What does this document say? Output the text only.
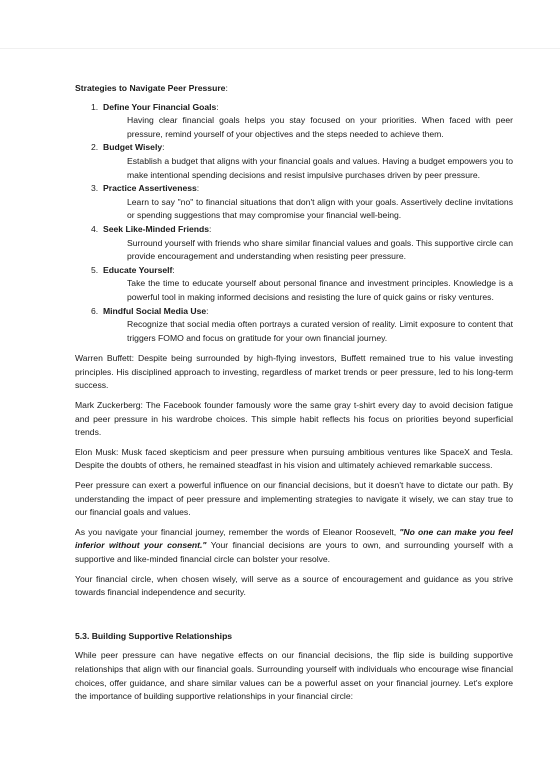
Strategies to Navigate Peer Pressure:
1. Define Your Financial Goals:
Having clear financial goals helps you stay focused on your priorities. When faced with peer pressure, remind yourself of your objectives and the steps needed to achieve them.
2. Budget Wisely:
Establish a budget that aligns with your financial goals and values. Having a budget empowers you to make intentional spending decisions and resist impulsive purchases driven by peer pressure.
3. Practice Assertiveness:
Learn to say "no" to financial situations that don't align with your goals. Assertively decline invitations or spending suggestions that may compromise your financial well-being.
4. Seek Like-Minded Friends:
Surround yourself with friends who share similar financial values and goals. This supportive circle can provide encouragement and understanding when resisting peer pressure.
5. Educate Yourself:
Take the time to educate yourself about personal finance and investment principles. Knowledge is a powerful tool in making informed decisions and resisting the lure of quick gains or risky ventures.
6. Mindful Social Media Use:
Recognize that social media often portrays a curated version of reality. Limit exposure to content that triggers FOMO and focus on gratitude for your own financial journey.

Warren Buffett: Despite being surrounded by high-flying investors, Buffett remained true to his value investing principles. His disciplined approach to investing, regardless of market trends or peer pressure, led to his long-term success.

Mark Zuckerberg: The Facebook founder famously wore the same gray t-shirt every day to avoid decision fatigue and peer pressure in his wardrobe choices. This simple habit reflects his focus on priorities beyond superficial trends.

Elon Musk: Musk faced skepticism and peer pressure when pursuing ambitious ventures like SpaceX and Tesla. Despite the doubts of others, he remained steadfast in his vision and ultimately achieved remarkable success.

Peer pressure can exert a powerful influence on our financial decisions, but it doesn't have to dictate our path. By understanding the impact of peer pressure and implementing strategies to navigate it wisely, we can stay true to our financial goals and values.

As you navigate your financial journey, remember the words of Eleanor Roosevelt, "No one can make you feel inferior without your consent." Your financial decisions are yours to own, and surrounding yourself with a supportive and like-minded financial circle can bolster your resolve.

Your financial circle, when chosen wisely, will serve as a source of encouragement and guidance as you strive towards financial independence and security.

5.3. Building Supportive Relationships

While peer pressure can have negative effects on our financial decisions, the flip side is building supportive relationships that align with our financial goals. Surrounding yourself with individuals who encourage wise financial choices, offer guidance, and share similar values can be a powerful asset on your financial journey. Let's explore the importance of building supportive relationships in your financial circle:
